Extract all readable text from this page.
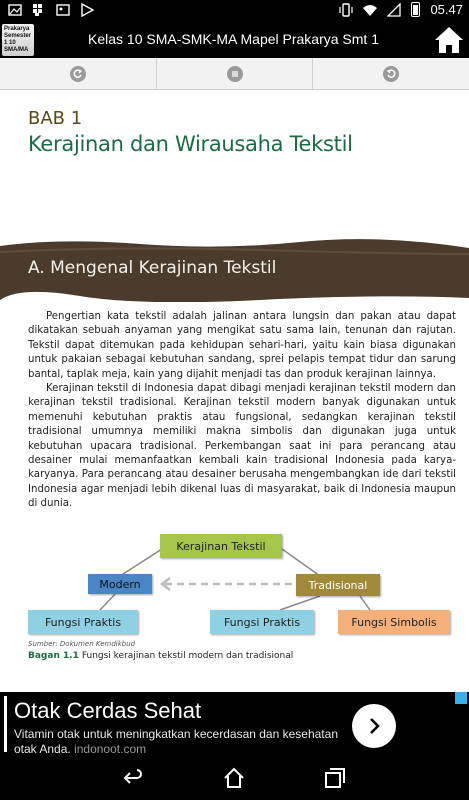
05.47
Prakarya Semester 1 10 SMA/MA
Kelas 10 SMA-SMK-MA Mapel Prakarya Smt 1
BAB 1
Kerajinan dan Wirausaha Tekstil
A. Mengenal Kerajinan Tekstil

Pengertian kata tekstil adalah jalinan antara lungsin dan pakan atau dapat dikatakan sebuah anyaman yang mengikat satu sama lain, tenunan dan rajutan. Tekstil dapat ditemukan pada kehidupan sehari-hari, yaitu kain biasa digunakan untuk pakaian sebagai kebutuhan sandang, sprei pelapis tempat tidur dan sarung bantal, taplak meja, kain yang dijahit menjadi tas dan produk kerajinan lainnya.

Kerajinan tekstil di Indonesia dapat dibagi menjadi kerajinan tekstil modern dan kerajinan tekstil tradisional. Kerajinan tekstil modern banyak digunakan untuk memenuhi kebutuhan praktis atau fungsional, sedangkan kerajinan tekstil tradisional umumnya memiliki makna simbolis dan digunakan juga untuk kebutuhan upacara tradisional. Perkembangan saat ini para perancang atau desainer mulai memanfaatkan kembali kain tradisional Indonesia pada karya-karyanya. Para perancang atau desainer berusaha mengembangkan ide dari tekstil Indonesia agar menjadi lebih dikenal luas di masyarakat, baik di Indonesia maupun di dunia.

Kerajinan Tekstil
Modern	Tradisional
Fungsi Praktis	Fungsi Praktis	Fungsi Simbolis
Sumber: Dokumen Kemdikbud
Bagan 1.1 Fungsi kerajinan tekstil modern dan tradisional
Otak Cerdas Sehat
Vitamin otak untuk meningkatkan kecerdasan dan kesehatan otak Anda. indonoot.com
